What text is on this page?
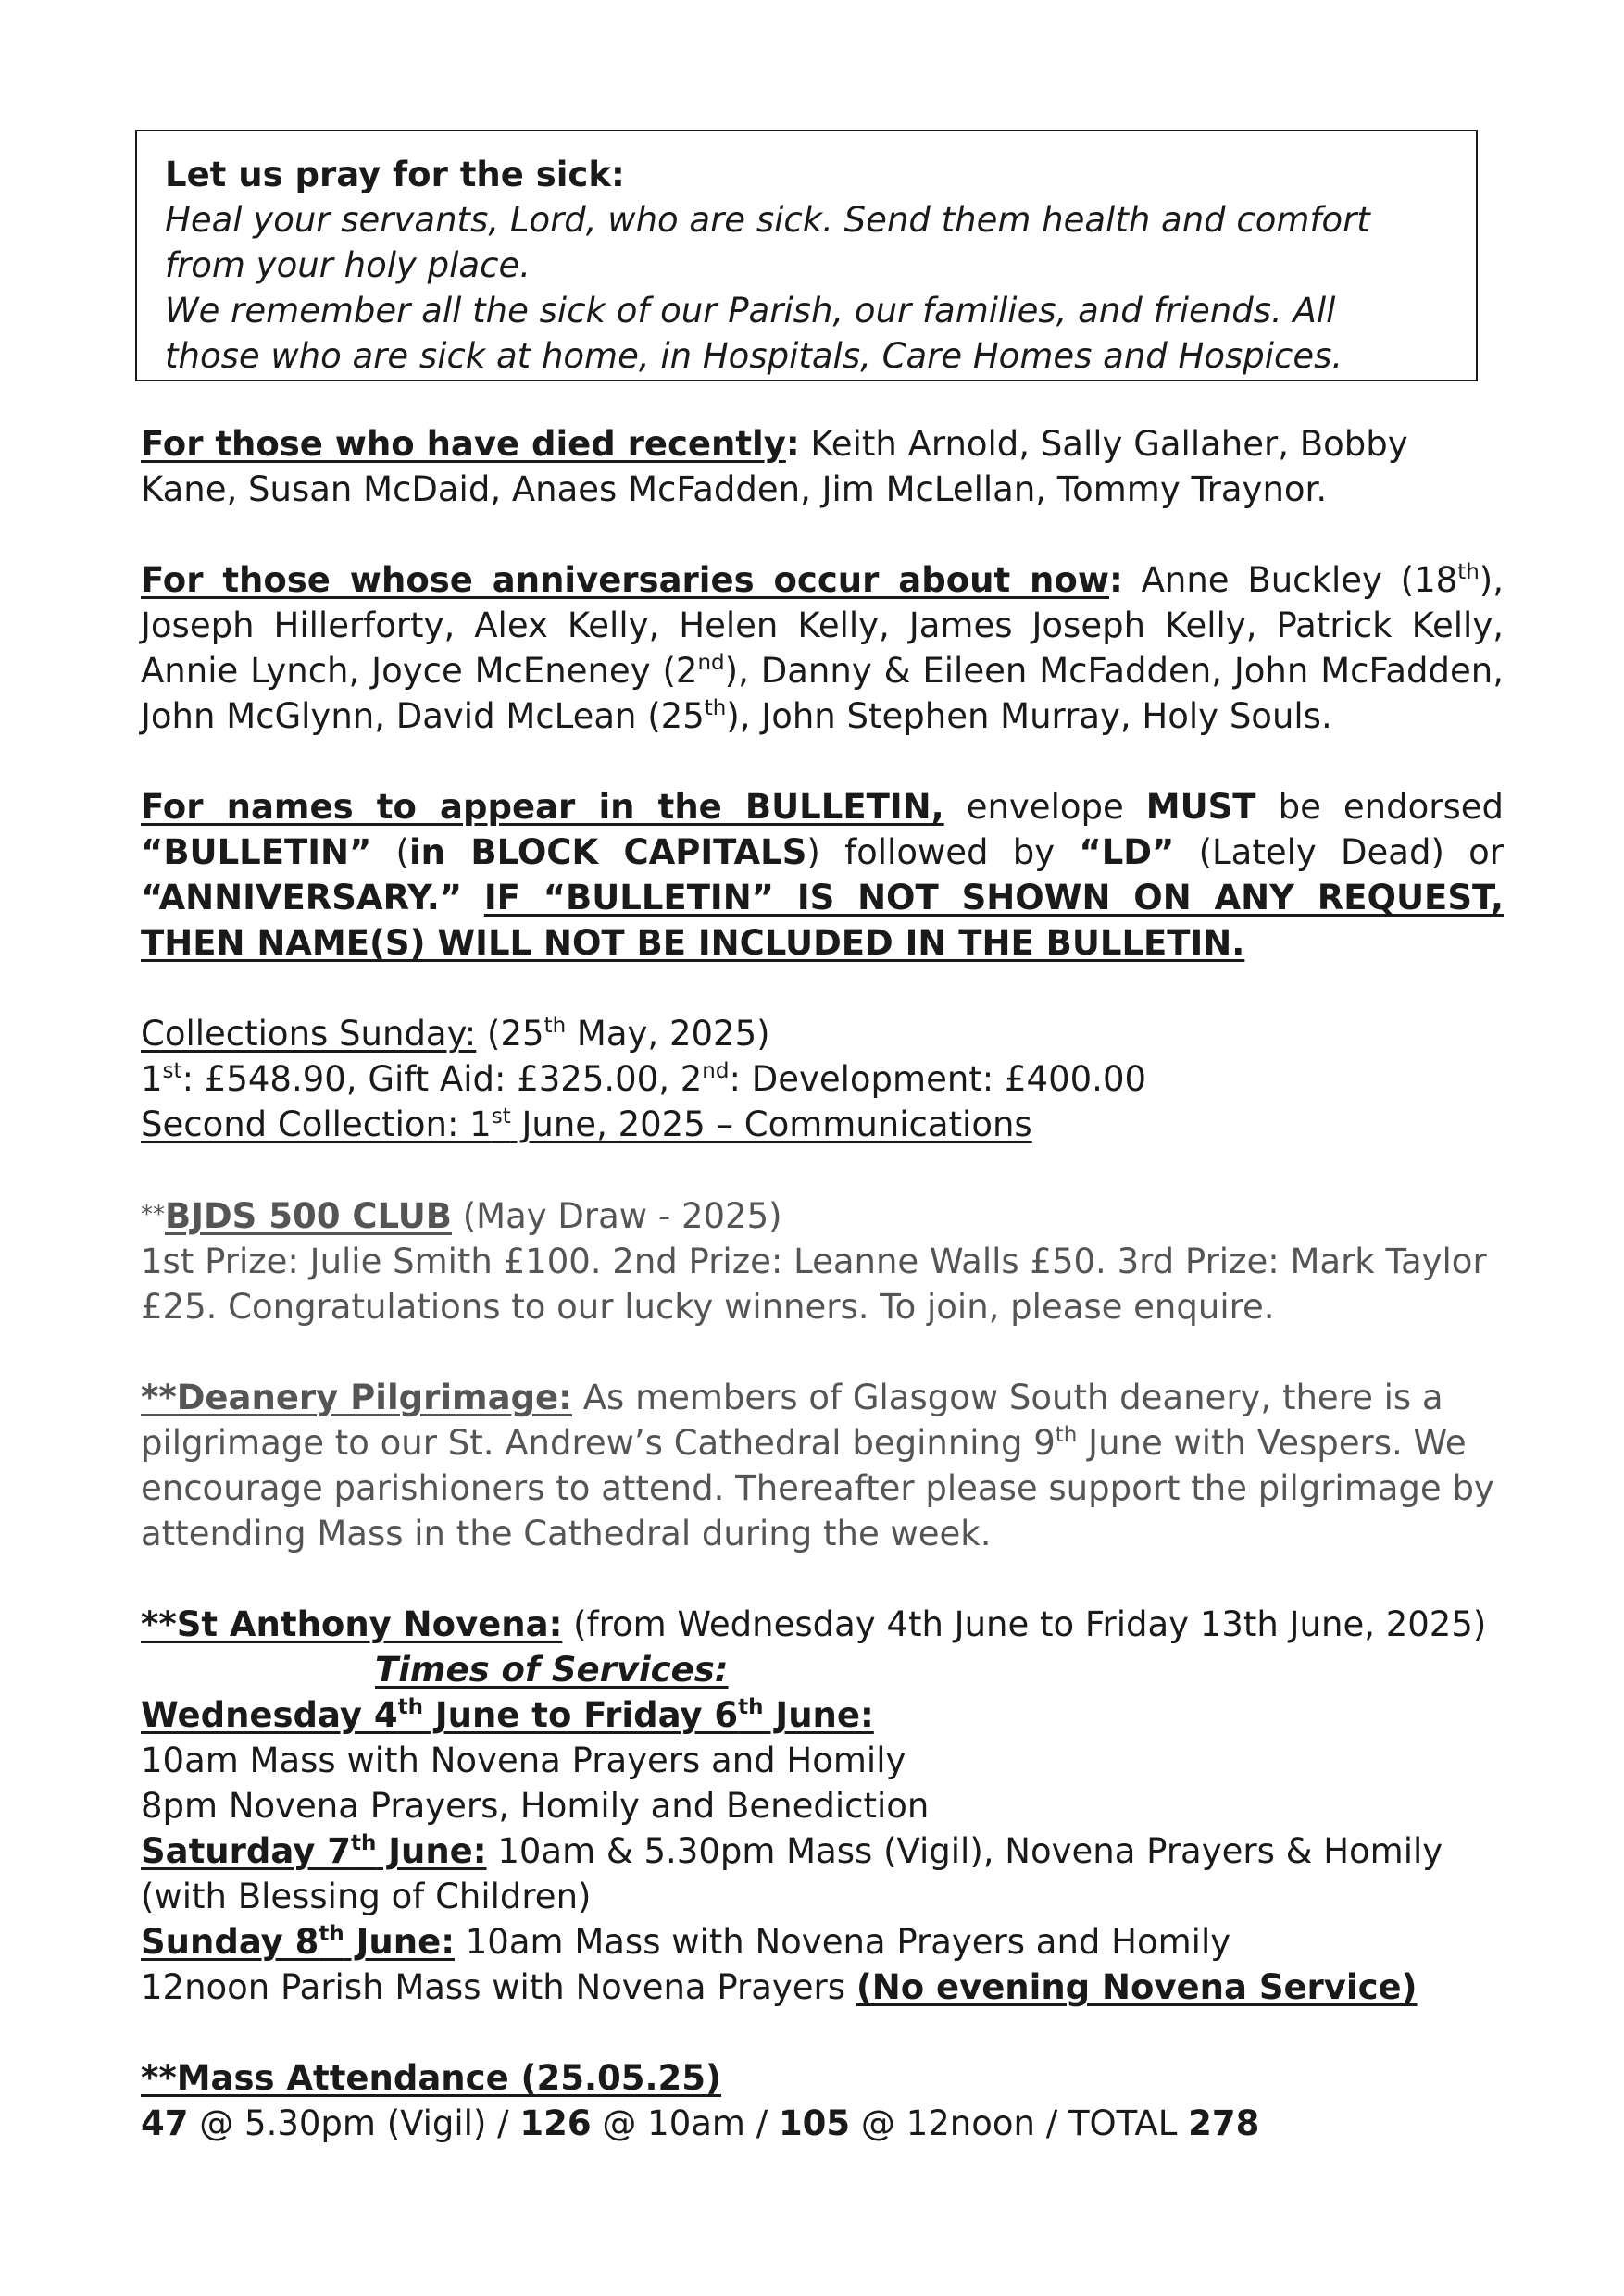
Let us pray for the sick:
Heal your servants, Lord, who are sick. Send them health and comfort
from your holy place.
We remember all the sick of our Parish, our families, and friends. All
those who are sick at home, in Hospitals, Care Homes and Hospices.

For those who have died recently: Keith Arnold, Sally Gallaher, Bobby Kane, Susan McDaid, Anaes McFadden, Jim McLellan, Tommy Traynor.

For those whose anniversaries occur about now: Anne Buckley (18th), Joseph Hillerforty, Alex Kelly, Helen Kelly, James Joseph Kelly, Patrick Kelly, Annie Lynch, Joyce McEneney (2nd), Danny & Eileen McFadden, John McFadden, John McGlynn, David McLean (25th), John Stephen Murray, Holy Souls.

For names to appear in the BULLETIN, envelope MUST be endorsed “BULLETIN” (in BLOCK CAPITALS) followed by “LD” (Lately Dead) or “ANNIVERSARY.” IF “BULLETIN” IS NOT SHOWN ON ANY REQUEST, THEN NAME(S) WILL NOT BE INCLUDED IN THE BULLETIN.

Collections Sunday: (25th May, 2025)
1st: £548.90, Gift Aid: £325.00, 2nd: Development: £400.00
Second Collection: 1st June, 2025 – Communications

**BJDS 500 CLUB (May Draw - 2025)
1st Prize: Julie Smith £100. 2nd Prize: Leanne Walls £50. 3rd Prize: Mark Taylor £25. Congratulations to our lucky winners. To join, please enquire.

**Deanery Pilgrimage: As members of Glasgow South deanery, there is a pilgrimage to our St. Andrew’s Cathedral beginning 9th June with Vespers. We encourage parishioners to attend. Thereafter please support the pilgrimage by attending Mass in the Cathedral during the week.

**St Anthony Novena: (from Wednesday 4th June to Friday 13th June, 2025)
Times of Services:
Wednesday 4th June to Friday 6th June:
10am Mass with Novena Prayers and Homily
8pm Novena Prayers, Homily and Benediction
Saturday 7th June: 10am & 5.30pm Mass (Vigil), Novena Prayers & Homily
(with Blessing of Children)
Sunday 8th June: 10am Mass with Novena Prayers and Homily
12noon Parish Mass with Novena Prayers (No evening Novena Service)

**Mass Attendance (25.05.25)
47 @ 5.30pm (Vigil) / 126 @ 10am / 105 @ 12noon / TOTAL 278
